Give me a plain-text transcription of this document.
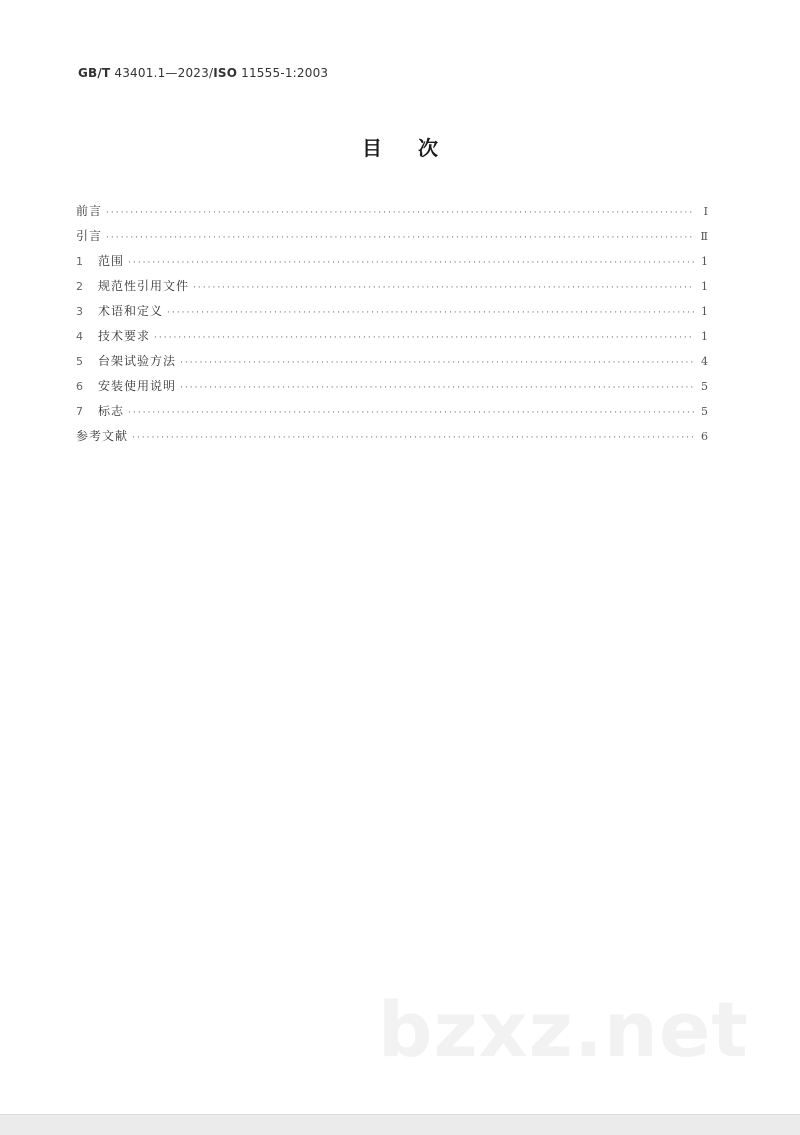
GB/T 43401.1—2023/ISO 11555-1:2003
目次
前言 ·····	Ⅰ
引言 ·····	Ⅱ
1	范围 ·····	1
2	规范性引用文件 ·····	1
3	术语和定义 ·····	1
4	技术要求 ·····	1
5	台架试验方法 ·····	4
6	安装使用说明 ·····	5
7	标志 ·····	5
参考文献 ·····	6
bzxz.net
